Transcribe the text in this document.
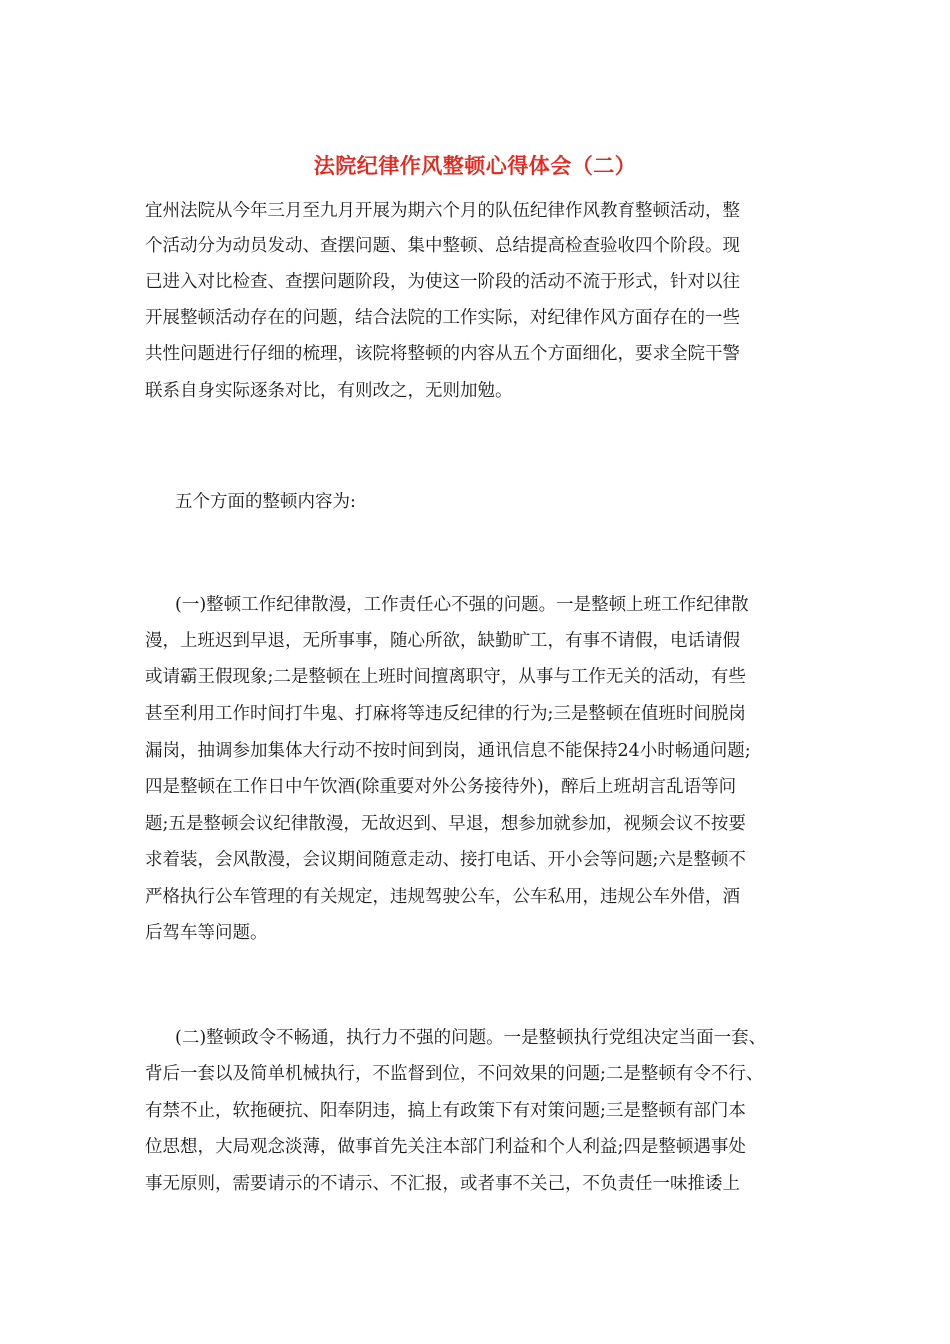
法院纪律作风整顿心得体会（二）
宜州法院从今年三月至九月开展为期六个月的队伍纪律作风教育整顿活动，整
个活动分为动员发动、查摆问题、集中整顿、总结提高检查验收四个阶段。现
已进入对比检查、查摆问题阶段，为使这一阶段的活动不流于形式，针对以往
开展整顿活动存在的问题，结合法院的工作实际，对纪律作风方面存在的一些
共性问题进行仔细的梳理，该院将整顿的内容从五个方面细化，要求全院干警
联系自身实际逐条对比，有则改之，无则加勉。
五个方面的整顿内容为:
(一)整顿工作纪律散漫，工作责任心不强的问题。一是整顿上班工作纪律散
漫，上班迟到早退，无所事事，随心所欲，缺勤旷工，有事不请假，电话请假
或请霸王假现象;二是整顿在上班时间擅离职守，从事与工作无关的活动，有些
甚至利用工作时间打牛鬼、打麻将等违反纪律的行为;三是整顿在值班时间脱岗
漏岗，抽调参加集体大行动不按时间到岗，通讯信息不能保持24小时畅通问题;
四是整顿在工作日中午饮酒(除重要对外公务接待外)，醉后上班胡言乱语等问
题;五是整顿会议纪律散漫，无故迟到、早退，想参加就参加，视频会议不按要
求着装，会风散漫，会议期间随意走动、接打电话、开小会等问题;六是整顿不
严格执行公车管理的有关规定，违规驾驶公车，公车私用，违规公车外借，酒
后驾车等问题。
(二)整顿政令不畅通，执行力不强的问题。一是整顿执行党组决定当面一套、
背后一套以及简单机械执行，不监督到位，不问效果的问题;二是整顿有令不行、
有禁不止，软拖硬抗、阳奉阴违，搞上有政策下有对策问题;三是整顿有部门本
位思想，大局观念淡薄，做事首先关注本部门利益和个人利益;四是整顿遇事处
事无原则，需要请示的不请示、不汇报，或者事不关己，不负责任一味推诿上
